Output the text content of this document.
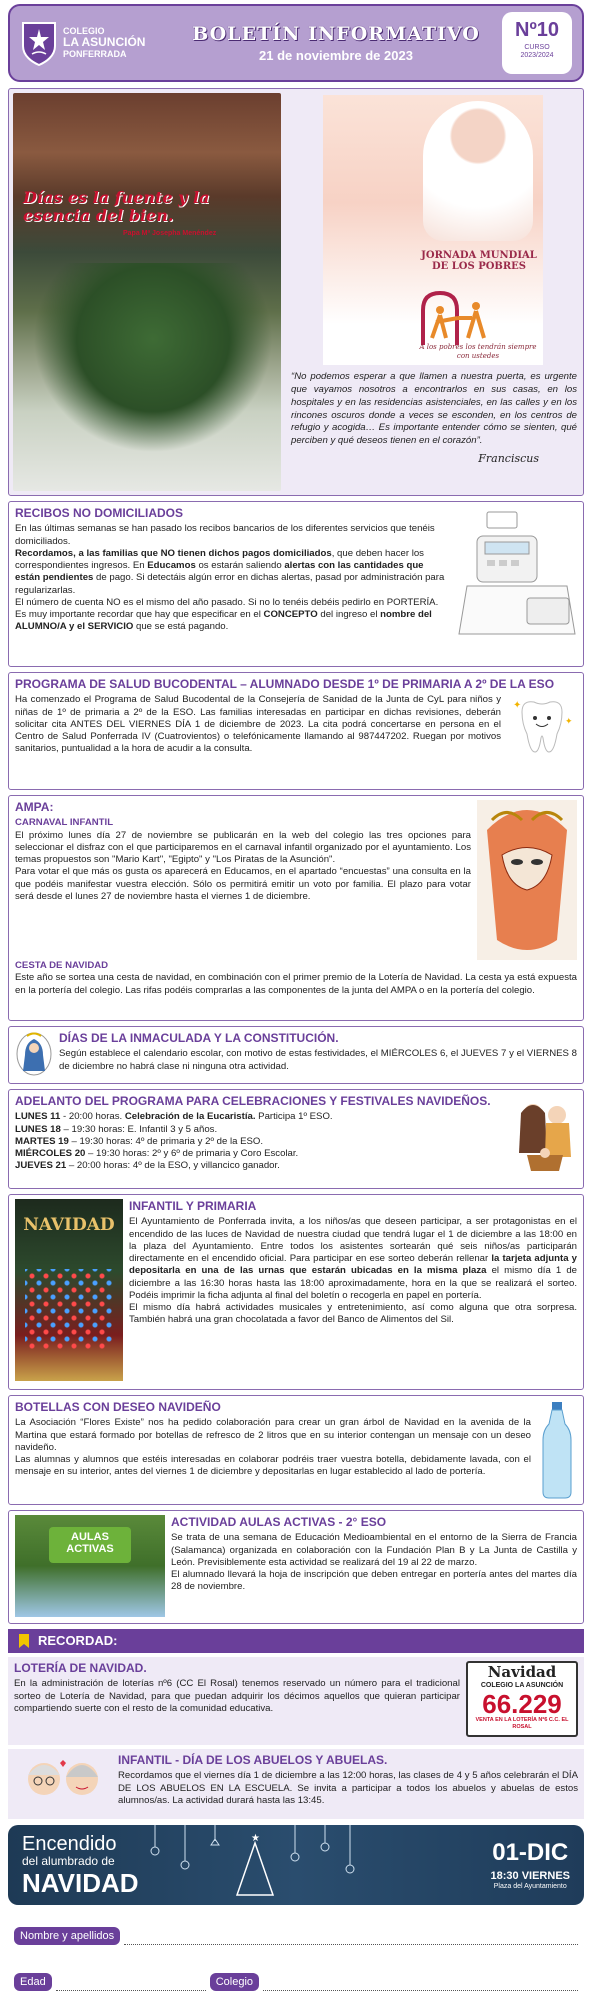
COLEGIO
LA ASUNCIÓN
PONFERRADA
BOLETÍN INFORMATIVO
21 de noviembre de 2023
Nº10
CURSO
2023/2024
Días es la fuente y la esencia del bien.
Papa Mª Josepha Menéndez
JORNADA MUNDIAL DE LOS POBRES
A los pobres los tendrán siempre con ustedes
“No podemos esperar a que llamen a nuestra puerta, es urgente que vayamos nosotros a encontrarlos en sus casas, en los hospitales y en las residencias asistenciales, en las calles y en los rincones oscuros donde a veces se esconden, en los centros de refugio y acogida… Es importante entender cómo se sienten, qué perciben y qué deseos tienen en el corazón”.
Franciscus
RECIBOS NO DOMICILIADOS

En las últimas semanas se han pasado los recibos bancarios de los diferentes servicios que tenéis domiciliados.

Recordamos, a las familias que NO tienen dichos pagos domiciliados, que deben hacer los correspondientes ingresos. En Educamos os estarán saliendo alertas con las cantidades que están pendientes de pago. Si detectáis algún error en dichas alertas, pasad por administración para regularizarlas.

El número de cuenta NO es el mismo del año pasado. Si no lo tenéis debéis pedirlo en PORTERÍA. Es muy importante recordar que hay que especificar en el CONCEPTO del ingreso el nombre del ALUMNO/A y el SERVICIO que se está pagando.

PROGRAMA DE SALUD BUCODENTAL – ALUMNADO DESDE 1º DE PRIMARIA A 2º DE LA ESO

Ha comenzado el Programa de Salud Bucodental de la Consejería de Sanidad de la Junta de CyL para niños y niñas de 1º de primaria a 2º de la ESO. Las familias interesadas en participar en dichas revisiones, deberán solicitar cita ANTES DEL VIERNES DÍA 1 de diciembre de 2023. La cita podrá concertarse en persona en el Centro de Salud Ponferrada IV (Cuatrovientos) o telefónicamente llamando al 987447202. Ruegan por motivos sanitarios, puntualidad a la hora de acudir a la consulta.

✦
✦
AMPA:
CARNAVAL INFANTIL

El próximo lunes día 27 de noviembre se publicarán en la web del colegio las tres opciones para seleccionar el disfraz con el que participaremos en el carnaval infantil organizado por el ayuntamiento. Los temas propuestos son "Mario Kart", "Egipto" y "Los Piratas de la Asunción".

Para votar el que más os gusta os aparecerá en Educamos, en el apartado “encuestas” una consulta en la que podéis manifestar vuestra elección. Sólo os permitirá emitir un voto por familia. El plazo para votar será desde el lunes 27 de noviembre hasta el viernes 1 de diciembre.

CESTA DE NAVIDAD

Este año se sortea una cesta de navidad, en combinación con el primer premio de la Lotería de Navidad. La cesta ya está expuesta en la portería del colegio. Las rifas podéis comprarlas a las componentes de la junta del AMPA o en la portería del colegio.

DÍAS DE LA INMACULADA Y LA CONSTITUCIÓN.

Según establece el calendario escolar, con motivo de estas festividades, el MIÉRCOLES 6, el JUEVES 7 y el VIERNES 8 de diciembre no habrá clase ni ninguna otra actividad.

ADELANTO DEL PROGRAMA PARA CELEBRACIONES Y FESTIVALES NAVIDEÑOS.
LUNES 11 - 20:00 horas. Celebración de la Eucaristía. Participa 1º ESO.
LUNES 18 – 19:30 horas: E. Infantil 3 y 5 años.
MARTES 19 – 19:30 horas: 4º de primaria y 2º de la ESO.
MIÉRCOLES 20 – 19:30 horas: 2º y 6º de primaria y Coro Escolar.
JUEVES 21 – 20:00 horas: 4º de la ESO, y villancico ganador.
NAVIDAD
INFANTIL Y PRIMARIA

El Ayuntamiento de Ponferrada invita, a los niños/as que deseen participar, a ser protagonistas en el encendido de las luces de Navidad de nuestra ciudad que tendrá lugar el 1 de diciembre a las 18:00 en la plaza del Ayuntamiento. Entre todos los asistentes sortearán qué seis niños/as participarán directamente en el encendido oficial. Para participar en ese sorteo deberán rellenar la tarjeta adjunta y depositarla en una de las urnas que estarán ubicadas en la misma plaza el mismo día 1 de diciembre a las 16:30 horas hasta las 18:00 aproximadamente, hora en la que se realizará el sorteo. Podéis imprimir la ficha adjunta al final del boletín o recogerla en papel en portería.

El mismo día habrá actividades musicales y entretenimiento, así como alguna que otra sorpresa. También habrá una gran chocolatada a favor del Banco de Alimentos del Sil.

BOTELLAS CON DESEO NAVIDEÑO

La Asociación “Flores Existe” nos ha pedido colaboración para crear un gran árbol de Navidad en la avenida de la Martina que estará formado por botellas de refresco de 2 litros que en su interior contengan un mensaje con un deseo navideño.

Las alumnas y alumnos que estéis interesadas en colaborar podréis traer vuestra botella, debidamente lavada, con el mensaje en su interior, antes del viernes 1 de diciembre y depositarlas en lugar establecido al lado de portería.

AULAS ACTIVAS
ACTIVIDAD AULAS ACTIVAS - 2° ESO

Se trata de una semana de Educación Medioambiental en el entorno de la Sierra de Francia (Salamanca) organizada en colaboración con la Fundación Plan B y La Junta de Castilla y León. Previsiblemente esta actividad se realizará del 19 al 22 de marzo.

El alumnado llevará la hoja de inscripción que deben entregar en portería antes del martes día 28 de noviembre.

RECORDAD:
LOTERÍA DE NAVIDAD.

En la administración de loterías nº6 (CC El Rosal) tenemos reservado un número para el tradicional sorteo de Lotería de Navidad, para que puedan adquirir los décimos aquellos que quieran participar compartiendo suerte con el resto de la comunidad educativa.

Navidad
COLEGIO LA ASUNCIÓN
66.229
VENTA EN LA LOTERÍA Nº6 C.C. EL ROSAL
INFANTIL - DÍA DE LOS ABUELOS Y ABUELAS.

Recordamos que el viernes día 1 de diciembre a las 12:00 horas, las clases de 4 y 5 años celebrarán el DÍA DE LOS ABUELOS EN LA ESCUELA. Se invita a participar a todos los abuelos y abuelas de estos alumnos/as. La actividad durará hasta las 13:45.

Encendido
del alumbrado de
NAVIDAD
★
01-DIC
18:30 VIERNES
Plaza del Ayuntamiento
Nombre y apellidos
Edad	Colegio
